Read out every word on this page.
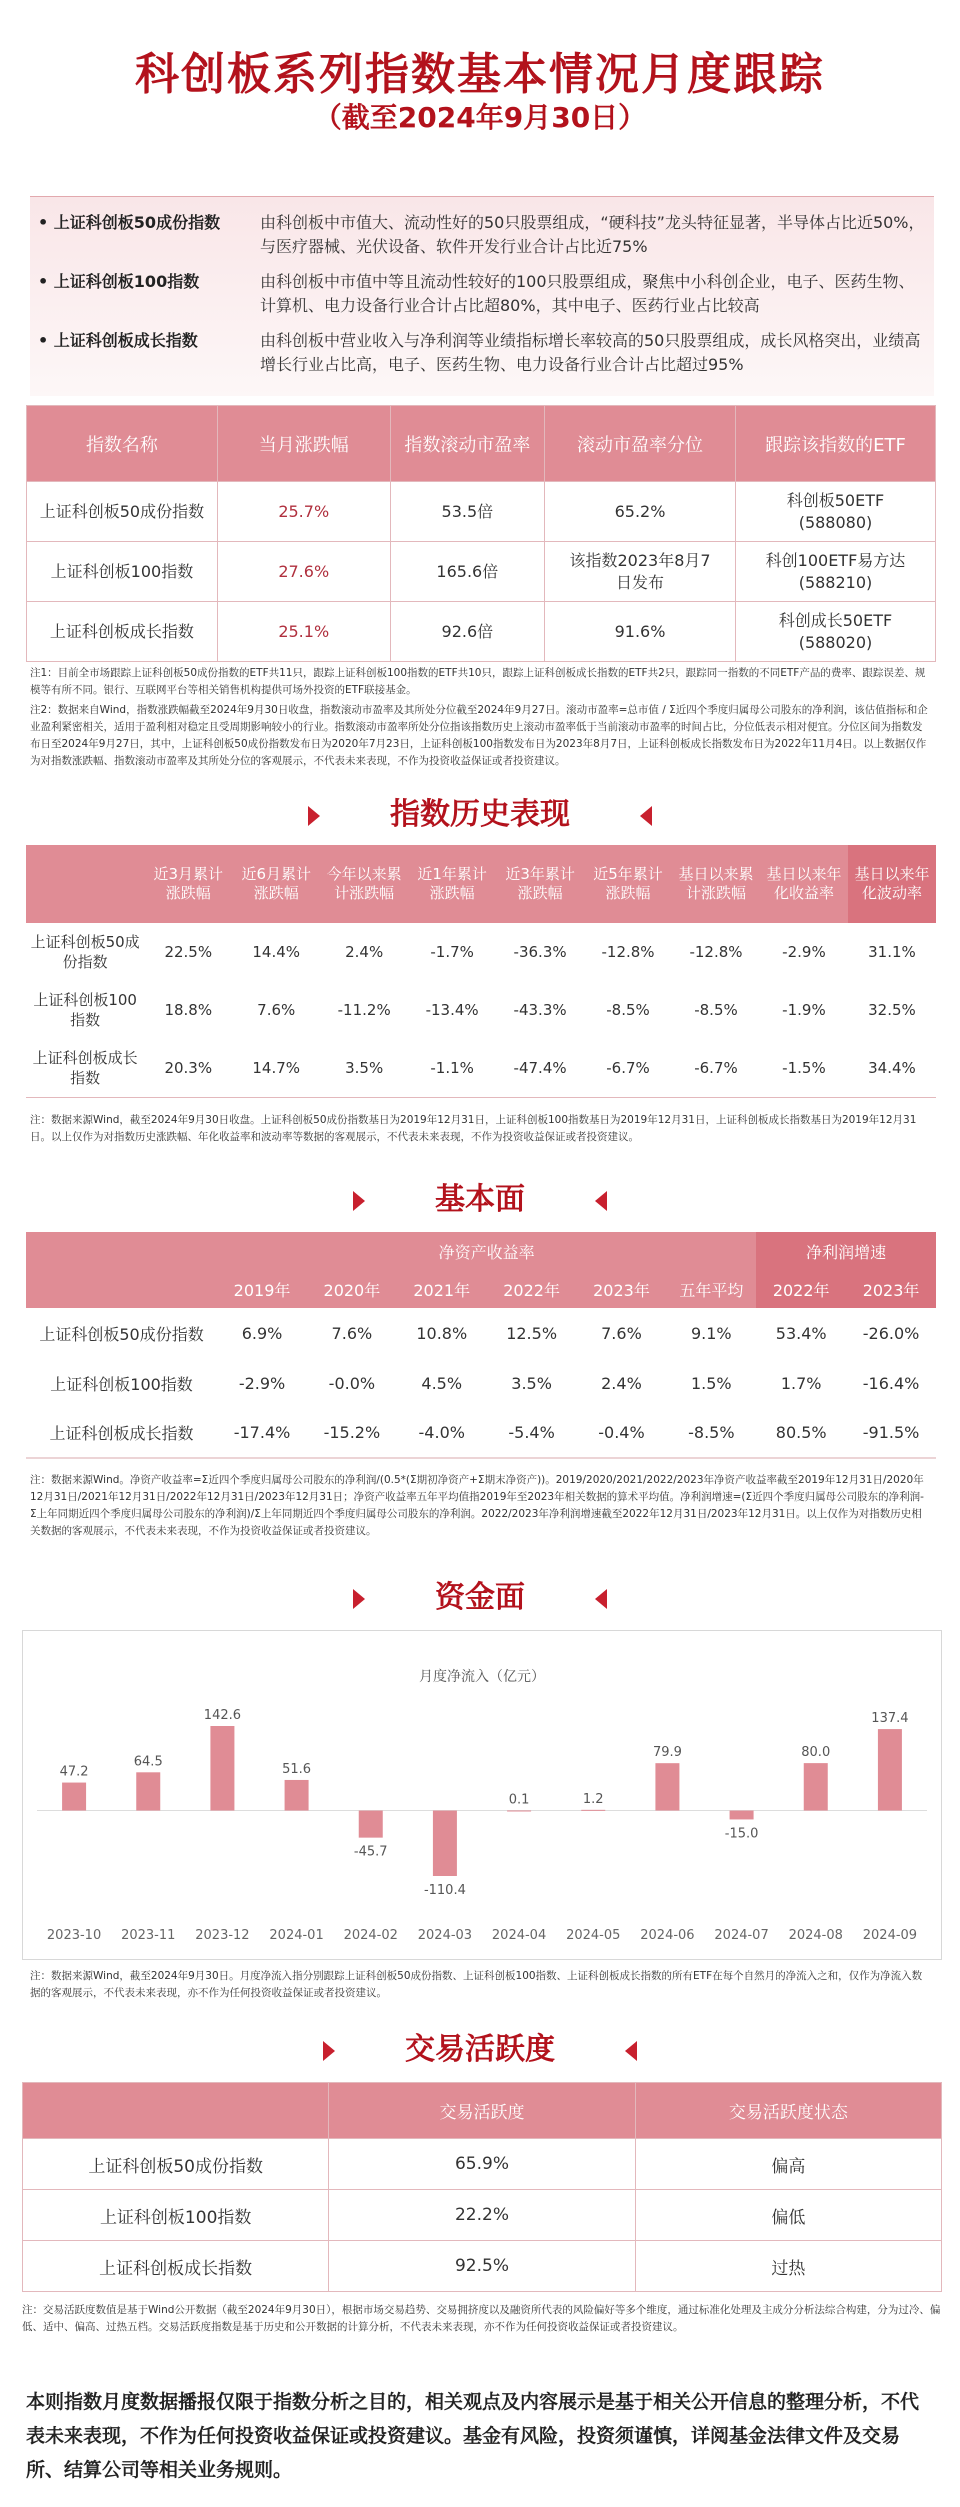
科创板系列指数基本情况月度跟踪
（截至2024年9月30日）
• 上证科创板50成份指数	由科创板中市值大、流动性好的50只股票组成，“硬科技”龙头特征显著，半导体占比近50%，与医疗器械、光伏设备、软件开发行业合计占比近75%
• 上证科创板100指数	由科创板中市值中等且流动性较好的100只股票组成，聚焦中小科创企业，电子、医药生物、计算机、电力设备行业合计占比超80%，其中电子、医药行业占比较高
• 上证科创板成长指数	由科创板中营业收入与净利润等业绩指标增长率较高的50只股票组成，成长风格突出，业绩高增长行业占比高，电子、医药生物、电力设备行业合计占比超过95%
指数名称	当月涨跌幅	指数滚动市盈率	滚动市盈率分位	跟踪该指数的ETF
上证科创板50成份指数	25.7%	53.5倍	65.2%	科创板50ETF
(588080)

上证科创板100指数	27.6%	165.6倍	该指数2023年8月7日发布	科创100ETF易方达
(588210)

上证科创板成长指数	25.1%	92.6倍	91.6%	科创成长50ETF
(588020)
注1：目前全市场跟踪上证科创板50成份指数的ETF共11只，跟踪上证科创板100指数的ETF共10只，跟踪上证科创板成长指数的ETF共2只，跟踪同一指数的不同ETF产品的费率、跟踪误差、规模等有所不同。银行、互联网平台等相关销售机构提供可场外投资的ETF联接基金。
注2：数据来自Wind，指数涨跌幅截至2024年9月30日收盘，指数滚动市盈率及其所处分位截至2024年9月27日。滚动市盈率=总市值 / Σ近四个季度归属母公司股东的净利润，该估值指标和企业盈利紧密相关，适用于盈利相对稳定且受周期影响较小的行业。指数滚动市盈率所处分位指该指数历史上滚动市盈率低于当前滚动市盈率的时间占比，分位低表示相对便宜。分位区间为指数发布日至2024年9月27日，其中，上证科创板50成份指数发布日为2020年7月23日，上证科创板100指数发布日为2023年8月7日，上证科创板成长指数发布日为2022年11月4日。以上数据仅作为对指数涨跌幅、指数滚动市盈率及其所处分位的客观展示，不代表未来表现，不作为投资收益保证或者投资建议。
指数历史表现
	近3月累计涨跌幅	近6月累计涨跌幅	今年以来累计涨跌幅	近1年累计涨跌幅	近3年累计涨跌幅	近5年累计涨跌幅	基日以来累计涨跌幅	基日以来年化收益率	基日以来年化波动率
上证科创板50成份指数	22.5%	14.4%	2.4%	-1.7%	-36.3%	-12.8%	-12.8%	-2.9%	31.1%
上证科创板100指数	18.8%	7.6%	-11.2%	-13.4%	-43.3%	-8.5%	-8.5%	-1.9%	32.5%
上证科创板成长指数	20.3%	14.7%	3.5%	-1.1%	-47.4%	-6.7%	-6.7%	-1.5%	34.4%
注：数据来源Wind，截至2024年9月30日收盘。上证科创板50成份指数基日为2019年12月31日，上证科创板100指数基日为2019年12月31日，上证科创板成长指数基日为2019年12月31日。以上仅作为对指数历史涨跌幅、年化收益率和波动率等数据的客观展示，不代表未来表现，不作为投资收益保证或者投资建议。
基本面
	净资产收益率						净利润增速	
	2019年	2020年	2021年	2022年	2023年	五年平均	2022年	2023年
上证科创板50成份指数	6.9%	7.6%	10.8%	12.5%	7.6%	9.1%	53.4%	-26.0%
上证科创板100指数	-2.9%	-0.0%	4.5%	3.5%	2.4%	1.5%	1.7%	-16.4%
上证科创板成长指数	-17.4%	-15.2%	-4.0%	-5.4%	-0.4%	-8.5%	80.5%	-91.5%
注：数据来源Wind。净资产收益率=Σ近四个季度归属母公司股东的净利润/(0.5*(Σ期初净资产+Σ期末净资产))。2019/2020/2021/2022/2023年净资产收益率截至2019年12月31日/2020年12月31日/2021年12月31日/2022年12月31日/2023年12月31日；净资产收益率五年平均值指2019年至2023年相关数据的算术平均值。净利润增速=(Σ近四个季度归属母公司股东的净利润-Σ上年同期近四个季度归属母公司股东的净利润)/Σ上年同期近四个季度归属母公司股东的净利润。2022/2023年净利润增速截至2022年12月31日/2023年12月31日。以上仅作为对指数历史相关数据的客观展示，不代表未来表现，不作为投资收益保证或者投资建议。
资金面
月度净流入（亿元）
47.2
2023-10
64.5
2023-11
142.6
2023-12
51.6
2024-01
-45.7
2024-02
-110.4
2024-03
0.1
2024-04
1.2
2024-05
79.9
2024-06
-15.0
2024-07
80.0
2024-08
137.4
2024-09
注：数据来源Wind，截至2024年9月30日。月度净流入指分别跟踪上证科创板50成份指数、上证科创板100指数、上证科创板成长指数的所有ETF在每个自然月的净流入之和，仅作为净流入数据的客观展示，不代表未来表现，亦不作为任何投资收益保证或者投资建议。
交易活跃度
	交易活跃度	交易活跃度状态
上证科创板50成份指数	65.9%	偏高
上证科创板100指数	22.2%	偏低
上证科创板成长指数	92.5%	过热
注：交易活跃度数值是基于Wind公开数据（截至2024年9月30日），根据市场交易趋势、交易拥挤度以及融资所代表的风险偏好等多个维度，通过标准化处理及主成分分析法综合构建，分为过冷、偏低、适中、偏高、过热五档。交易活跃度指数是基于历史和公开数据的计算分析，不代表未来表现，亦不作为任何投资收益保证或者投资建议。
本则指数月度数据播报仅限于指数分析之目的，相关观点及内容展示是基于相关公开信息的整理分析，不代表未来表现，不作为任何投资收益保证或投资建议。基金有风险，投资须谨慎，详阅基金法律文件及交易所、结算公司等相关业务规则。
